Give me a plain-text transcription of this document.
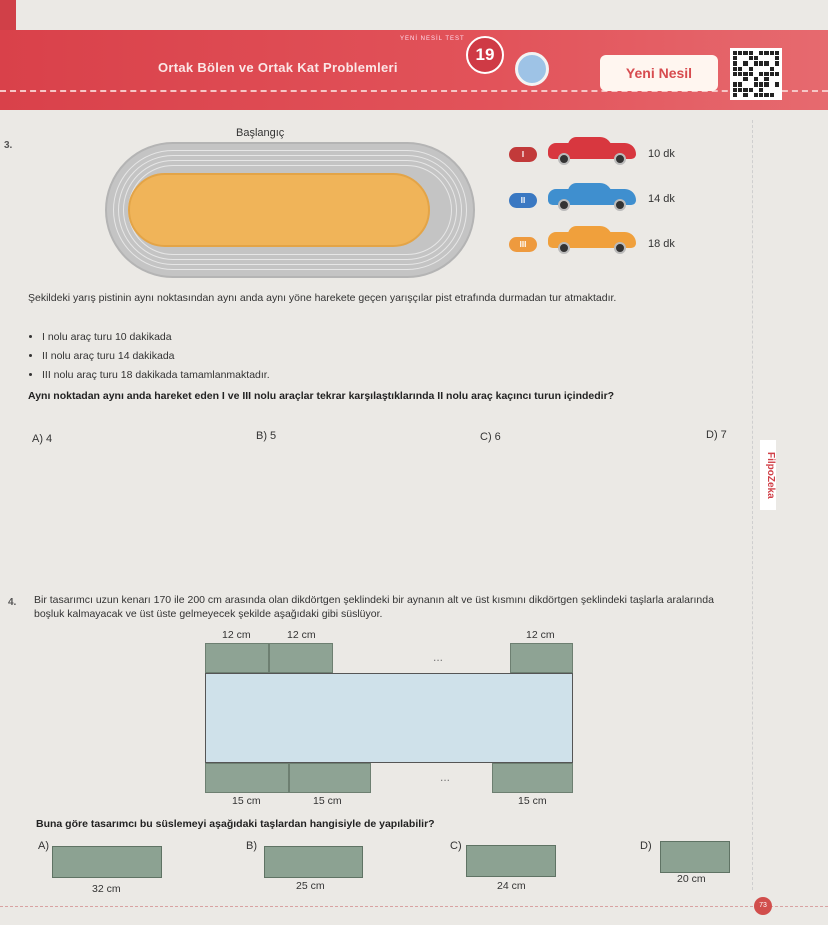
YENİ NESİL TEST
Ortak Bölen ve Ortak Kat Problemleri
19
Yeni Nesil
FilpoZeka
3.
Başlangıç
I	10 dk
II	14 dk
III	18 dk
Şekildeki yarış pistinin aynı noktasından aynı anda aynı yöne harekete geçen yarışçılar pist etrafında durmadan tur atmaktadır.
• I nolu araç turu 10 dakikada
• II nolu araç turu 14 dakikada
• III nolu araç turu 18 dakikada tamamlanmaktadır.
Aynı noktadan aynı anda hareket eden I ve III nolu araçlar tekrar karşılaştıklarında II nolu araç kaçıncı turun içindedir?
A) 4	B) 5	C) 6	D) 7
4. Bir tasarımcı uzun kenarı 170 ile 200 cm arasında olan dikdörtgen şeklindeki bir aynanın alt ve üst kısmını dikdörtgen şeklindeki taşlarla aralarında boşluk kalmayacak ve üst üste gelmeyecek şekilde aşağıdaki gibi süslüyor.
12 cm	12 cm	12 cm
...
...
15 cm	15 cm	15 cm
Buna göre tasarımcı bu süslemeyi aşağıdaki taşlardan hangisiyle de yapılabilir?
A)
32 cm
B)
25 cm
C)
24 cm
D)
20 cm
73
